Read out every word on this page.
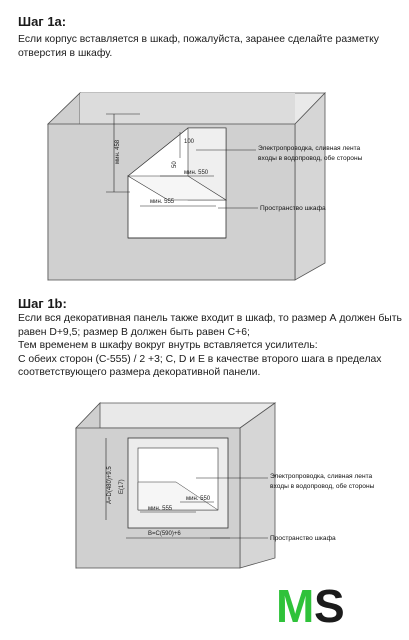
Шаг 1а:

Если корпус вставляется в шкаф, пожалуйста, заранее сделайте разметку
отверстия в шкафу.

мин. 458	100
50
мин. 550
мин. 555
Электропроводка, сливная лента входы в водопровод, обе стороны
Пространство шкафа
Шаг 1b:

Если вся декоративная панель также входит в шкаф, то размер А должен быть
равен D+9,5; размер В должен быть равен C+6;
Тем временем в шкафу вокруг внутрь вставляется усилитель:
С обеих сторон (С-555) / 2 +3; С, D и E в качестве второго шага в пределах
соответствующего размера декоративной панели.

A=D(480)+9.5 E(17)
мин. 555
мин. 550
B=C(590)+6
Электропроводка, сливная лента входы в водопровод, обе стороны
Пространство шкафа
M S
